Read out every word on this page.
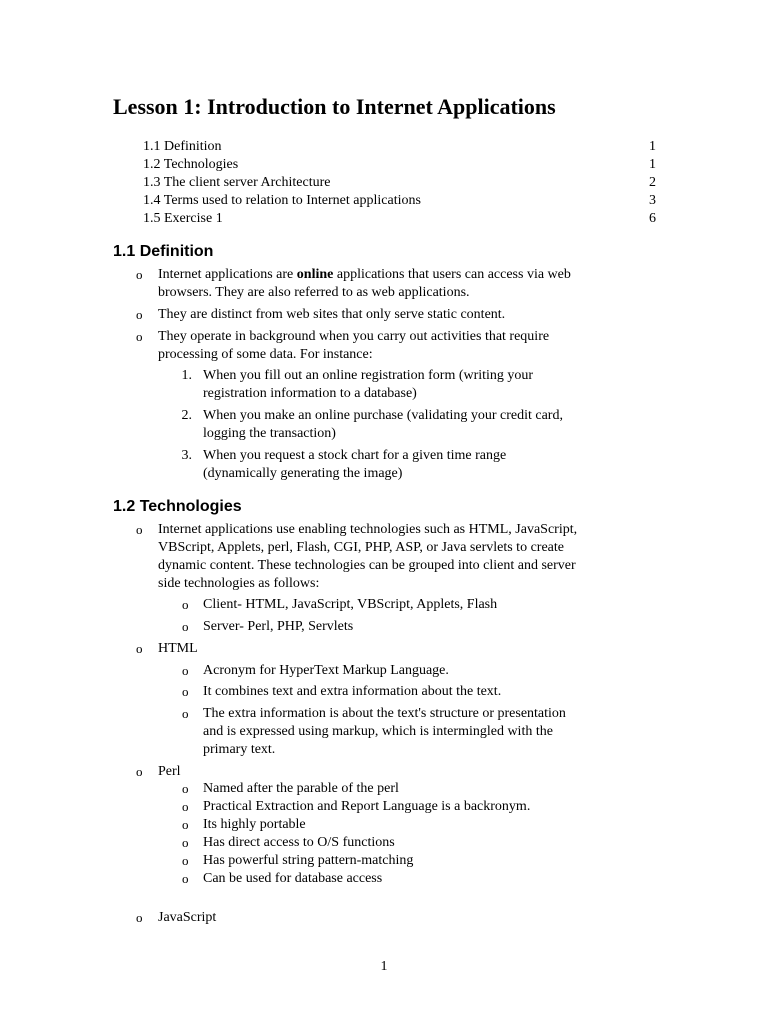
Lesson 1: Introduction to Internet Applications
1.1 Definition	1
1.2 Technologies	1
1.3 The client server Architecture	2
1.4 Terms used to relation to Internet applications	3
1.5 Exercise 1	6
1.1 Definition
o Internet applications are online applications that users can access via web
browsers. They are also referred to as web applications.
o They are distinct from web sites that only serve static content.
o They operate in background when you carry out activities that require
processing of some data. For instance:
1. When you fill out an online registration form (writing your
registration information to a database)
2. When you make an online purchase (validating your credit card,
logging the transaction)
3. When you request a stock chart for a given time range
(dynamically generating the image)
1.2 Technologies
o Internet applications use enabling technologies such as HTML, JavaScript,
VBScript, Applets, perl, Flash, CGI, PHP, ASP, or Java servlets to create
dynamic content. These technologies can be grouped into client and server
side technologies as follows:
o Client- HTML, JavaScript, VBScript, Applets, Flash
o Server- Perl, PHP, Servlets
o HTML
o Acronym for HyperText Markup Language.
o It combines text and extra information about the text.
o The extra information is about the text's structure or presentation
and is expressed using markup, which is intermingled with the
primary text.
o Perl
o Named after the parable of the perl
o Practical Extraction and Report Language is a backronym.
o Its highly portable
o Has direct access to O/S functions
o Has powerful string pattern-matching
o Can be used for database access
o JavaScript
1
